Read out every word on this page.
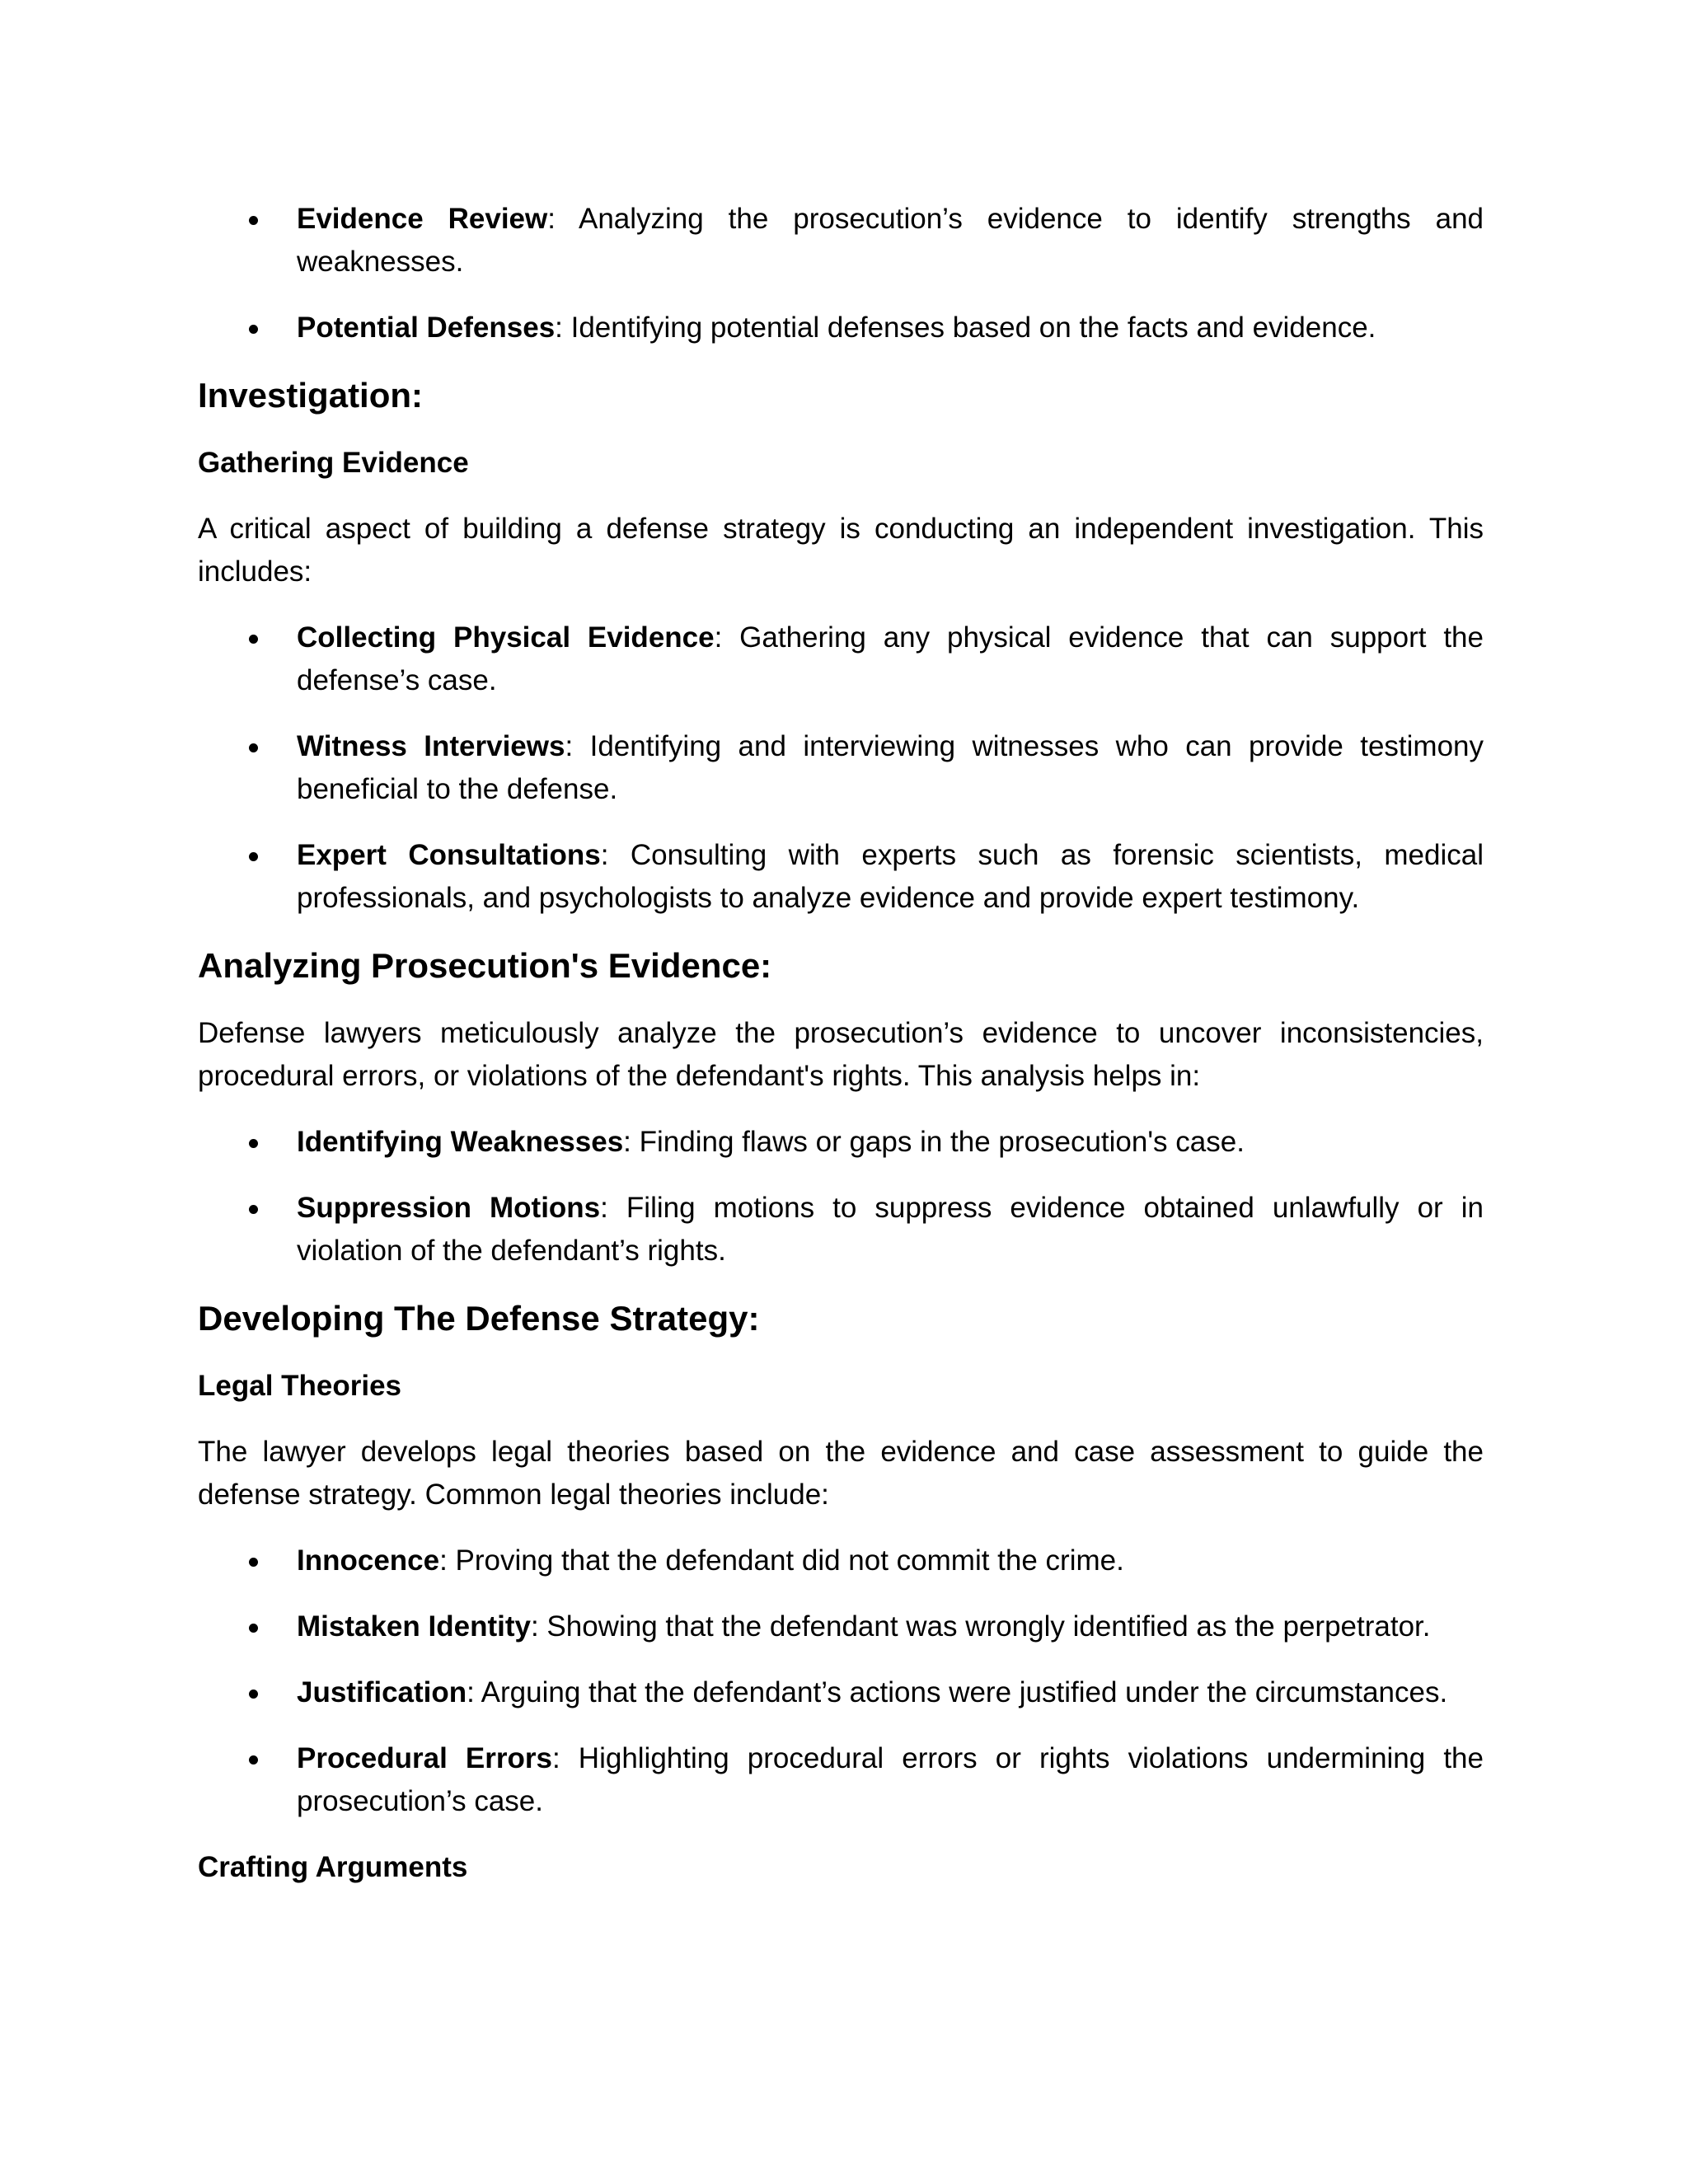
Evidence Review: Analyzing the prosecution’s evidence to identify strengths and weaknesses.
Potential Defenses: Identifying potential defenses based on the facts and evidence.
Investigation:
Gathering Evidence

A critical aspect of building a defense strategy is conducting an independent investigation. This includes:

Collecting Physical Evidence: Gathering any physical evidence that can support the defense’s case.
Witness Interviews: Identifying and interviewing witnesses who can provide testimony beneficial to the defense.
Expert Consultations: Consulting with experts such as forensic scientists, medical professionals, and psychologists to analyze evidence and provide expert testimony.
Analyzing Prosecution's Evidence:

Defense lawyers meticulously analyze the prosecution’s evidence to uncover inconsistencies, procedural errors, or violations of the defendant's rights. This analysis helps in:

Identifying Weaknesses: Finding flaws or gaps in the prosecution's case.
Suppression Motions: Filing motions to suppress evidence obtained unlawfully or in violation of the defendant’s rights.
Developing The Defense Strategy:
Legal Theories

The lawyer develops legal theories based on the evidence and case assessment to guide the defense strategy. Common legal theories include:

Innocence: Proving that the defendant did not commit the crime.
Mistaken Identity: Showing that the defendant was wrongly identified as the perpetrator.
Justification: Arguing that the defendant’s actions were justified under the circumstances.
Procedural Errors: Highlighting procedural errors or rights violations undermining the prosecution’s case.
Crafting Arguments
